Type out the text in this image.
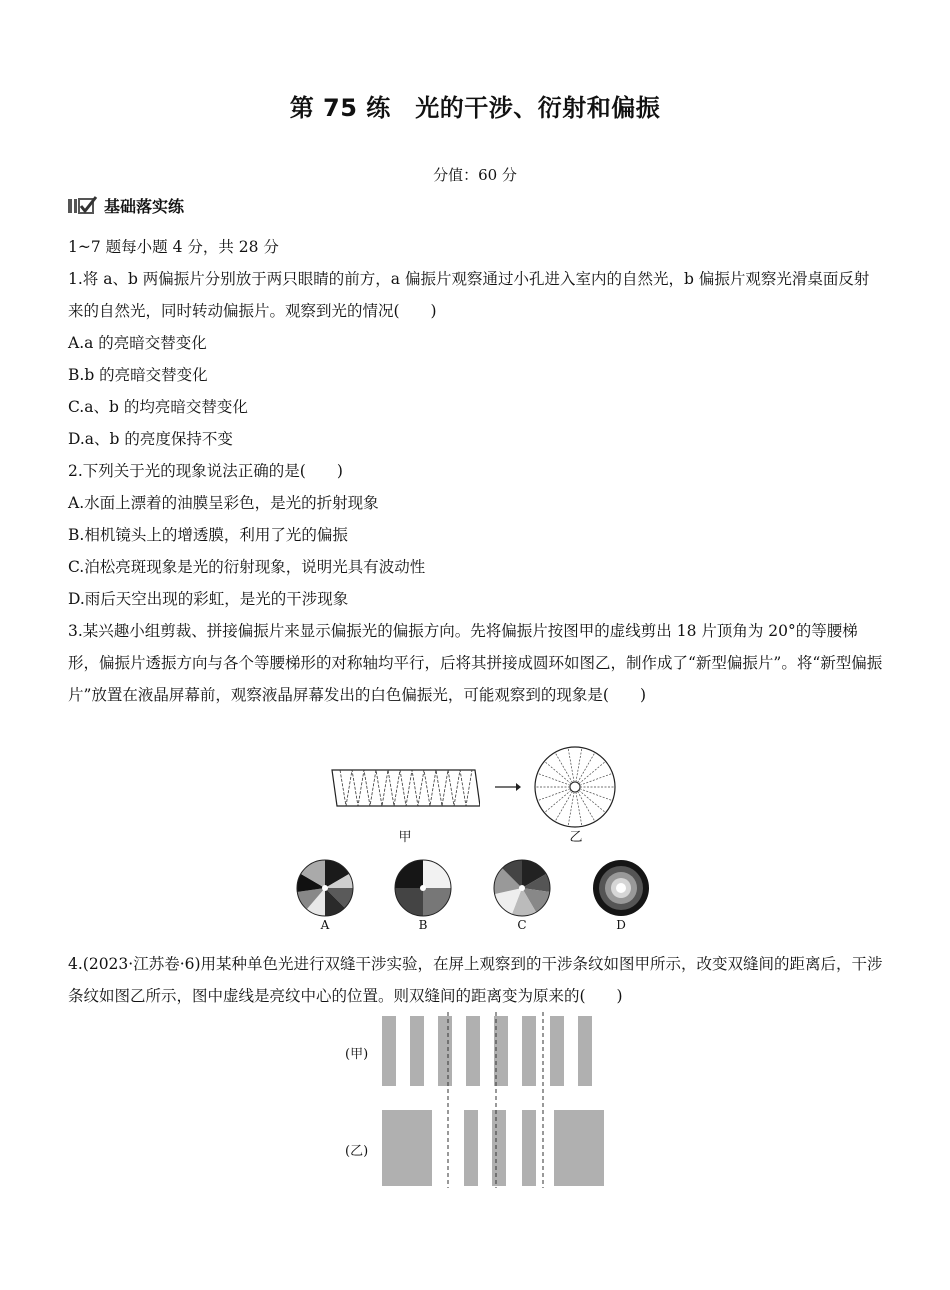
第 75 练　光的干涉、衍射和偏振
分值：60 分
基础落实练
1~7 题每小题 4 分，共 28 分
1.将 a、b 两偏振片分别放于两只眼睛的前方，a 偏振片观察通过小孔进入室内的自然光，b 偏振片观察光滑桌面反射来的自然光，同时转动偏振片。观察到光的情况(　　)
A.a 的亮暗交替变化
B.b 的亮暗交替变化
C.a、b 的均亮暗交替变化
D.a、b 的亮度保持不变
2.下列关于光的现象说法正确的是(　　)
A.水面上漂着的油膜呈彩色，是光的折射现象
B.相机镜头上的增透膜，利用了光的偏振
C.泊松亮斑现象是光的衍射现象，说明光具有波动性
D.雨后天空出现的彩虹，是光的干涉现象
3.某兴趣小组剪裁、拼接偏振片来显示偏振光的偏振方向。先将偏振片按图甲的虚线剪出 18 片顶角为 20°的等腰梯形，偏振片透振方向与各个等腰梯形的对称轴均平行，后将其拼接成圆环如图乙，制作成了“新型偏振片”。将“新型偏振片”放置在液晶屏幕前，观察液晶屏幕发出的白色偏振光，可能观察到的现象是(　　)
甲	乙
A	B	C	D
4.(2023·江苏卷·6)用某种单色光进行双缝干涉实验，在屏上观察到的干涉条纹如图甲所示，改变双缝间的距离后，干涉条纹如图乙所示，图中虚线是亮纹中心的位置。则双缝间的距离变为原来的(　　)
(甲)
(乙)
